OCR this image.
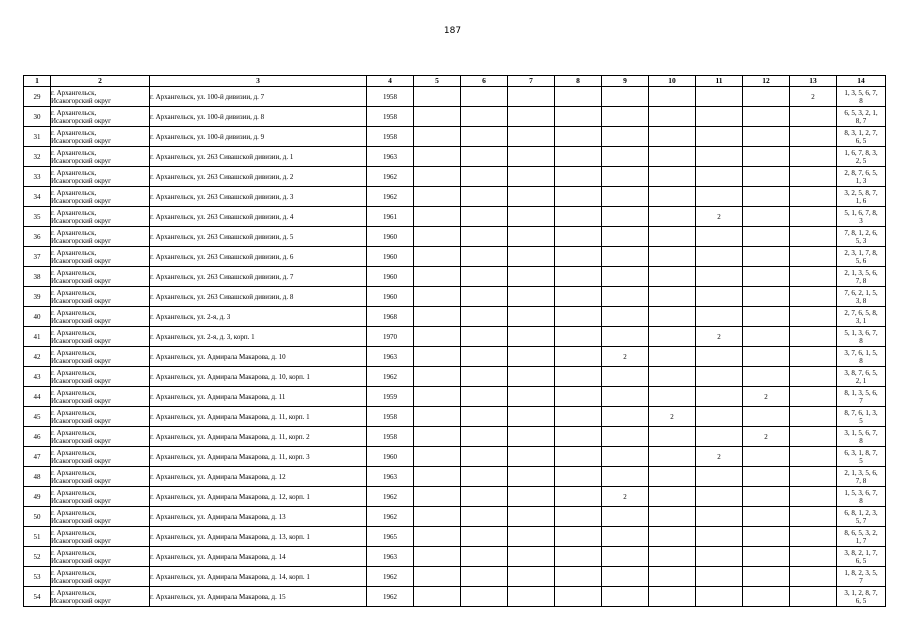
187
1	2	3	4	5	6	7	8	9	10	11	12	13	14
29	г. Архангельск,
Исакогорский округ	г. Архангельск, ул. 100-й дивизии, д. 7	1958									2	1, 3, 5, 6, 7,
8

30	г. Архангельск,
Исакогорский округ	г. Архангельск, ул. 100-й дивизии, д. 8	1958										6, 5, 3, 2, 1,
8, 7

31	г. Архангельск,
Исакогорский округ	г. Архангельск, ул. 100-й дивизии, д. 9	1958										8, 3, 1, 2, 7,
6, 5

32	г. Архангельск,
Исакогорский округ	г. Архангельск, ул. 263 Сивашской дивизии, д. 1	1963										1, 6, 7, 8, 3,
2, 5

33	г. Архангельск,
Исакогорский округ	г. Архангельск, ул. 263 Сивашской дивизии, д. 2	1962										2, 8, 7, 6, 5,
1, 3

34	г. Архангельск,
Исакогорский округ	г. Архангельск, ул. 263 Сивашской дивизии, д. 3	1962										3, 2, 5, 8, 7,
1, 6

35	г. Архангельск,
Исакогорский округ	г. Архангельск, ул. 263 Сивашской дивизии, д. 4	1961							2			5, 1, 6, 7, 8,
3

36	г. Архангельск,
Исакогорский округ	г. Архангельск, ул. 263 Сивашской дивизии, д. 5	1960										7, 8, 1, 2, 6,
5, 3

37	г. Архангельск,
Исакогорский округ	г. Архангельск, ул. 263 Сивашской дивизии, д. 6	1960										2, 3, 1, 7, 8,
5, 6

38	г. Архангельск,
Исакогорский округ	г. Архангельск, ул. 263 Сивашской дивизии, д. 7	1960										2, 1, 3, 5, 6,
7, 8

39	г. Архангельск,
Исакогорский округ	г. Архангельск, ул. 263 Сивашской дивизии, д. 8	1960										7, 6, 2, 1, 5,
3, 8

40	г. Архангельск,
Исакогорский округ	г. Архангельск, ул. 2-я, д. 3	1968										2, 7, 6, 5, 8,
3, 1

41	г. Архангельск,
Исакогорский округ	г. Архангельск, ул. 2-я, д. 3, корп. 1	1970							2			5, 1, 3, 6, 7,
8

42	г. Архангельск,
Исакогорский округ	г. Архангельск, ул. Адмирала Макарова, д. 10	1963					2					3, 7, 6, 1, 5,
8

43	г. Архангельск,
Исакогорский округ	г. Архангельск, ул. Адмирала Макарова, д. 10, корп. 1	1962										3, 8, 7, 6, 5,
2, 1

44	г. Архангельск,
Исакогорский округ	г. Архангельск, ул. Адмирала Макарова, д. 11	1959								2		8, 1, 3, 5, 6,
7

45	г. Архангельск,
Исакогорский округ	г. Архангельск, ул. Адмирала Макарова, д. 11, корп. 1	1958						2				8, 7, 6, 1, 3,
5

46	г. Архангельск,
Исакогорский округ	г. Архангельск, ул. Адмирала Макарова, д. 11, корп. 2	1958								2		3, 1, 5, 6, 7,
8

47	г. Архангельск,
Исакогорский округ	г. Архангельск, ул. Адмирала Макарова, д. 11, корп. 3	1960							2			6, 3, 1, 8, 7,
5

48	г. Архангельск,
Исакогорский округ	г. Архангельск, ул. Адмирала Макарова, д. 12	1963										2, 1, 3, 5, 6,
7, 8

49	г. Архангельск,
Исакогорский округ	г. Архангельск, ул. Адмирала Макарова, д. 12, корп. 1	1962					2					1, 5, 3, 6, 7,
8

50	г. Архангельск,
Исакогорский округ	г. Архангельск, ул. Адмирала Макарова, д. 13	1962										6, 8, 1, 2, 3,
5, 7

51	г. Архангельск,
Исакогорский округ	г. Архангельск, ул. Адмирала Макарова, д. 13, корп. 1	1965										8, 6, 5, 3, 2,
1, 7

52	г. Архангельск,
Исакогорский округ	г. Архангельск, ул. Адмирала Макарова, д. 14	1963										3, 8, 2, 1, 7,
6, 5

53	г. Архангельск,
Исакогорский округ	г. Архангельск, ул. Адмирала Макарова, д. 14, корп. 1	1962										1, 8, 2, 3, 5,
7

54	г. Архангельск,
Исакогорский округ	г. Архангельск, ул. Адмирала Макарова, д. 15	1962										3, 1, 2, 8, 7,
6, 5
